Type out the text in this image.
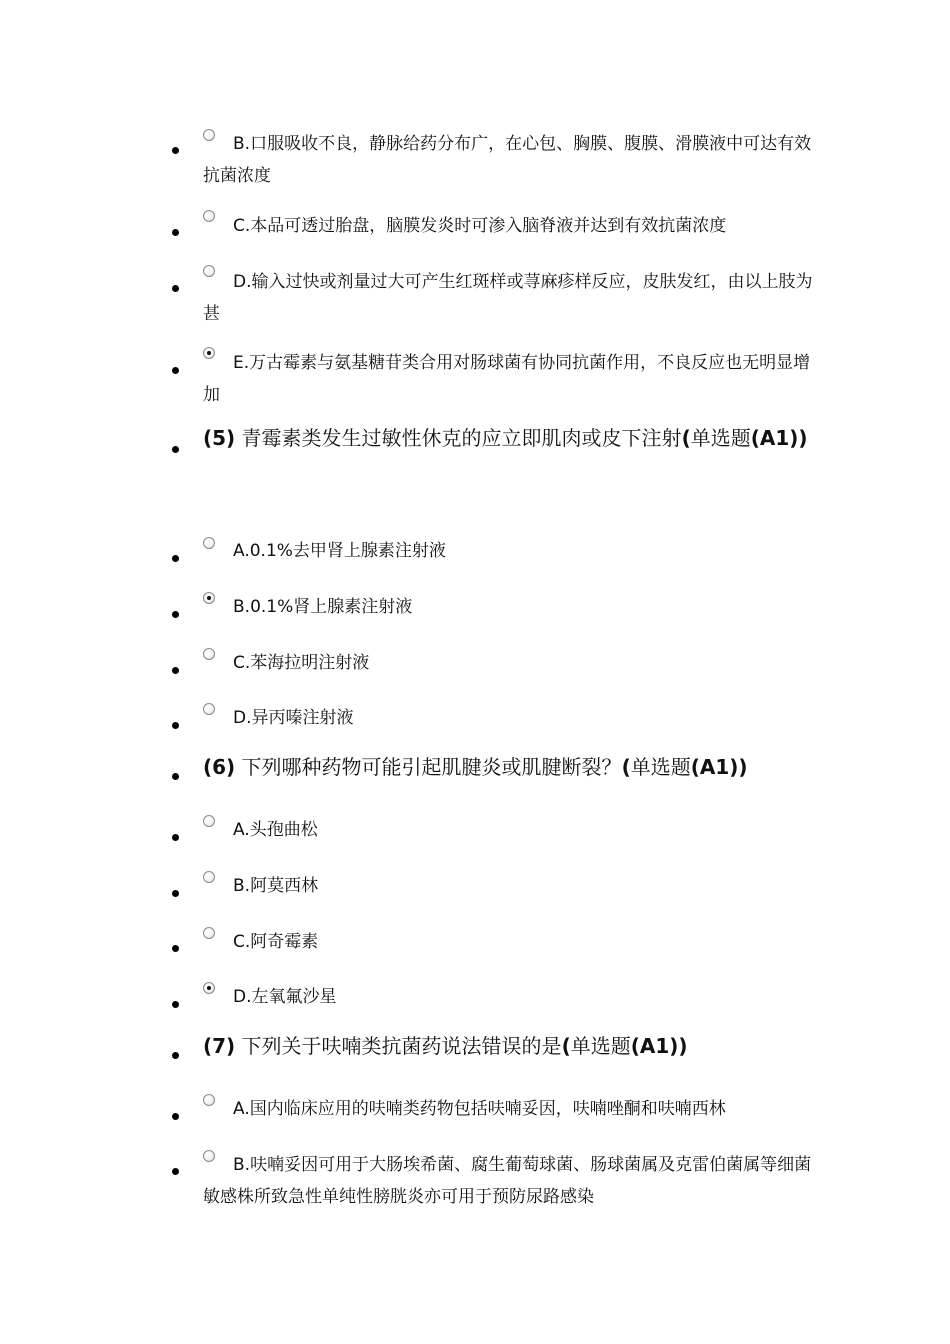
B.口服吸收不良，静脉给药分布广，在心包、胸膜、腹膜、滑膜液中可达有效抗菌浓度
C.本品可透过胎盘，脑膜发炎时可渗入脑脊液并达到有效抗菌浓度
D.输入过快或剂量过大可产生红斑样或荨麻疹样反应，皮肤发红，由以上肢为甚
E.万古霉素与氨基糖苷类合用对肠球菌有协同抗菌作用，不良反应也无明显增加
(5) 青霉素类发生过敏性休克的应立即肌肉或皮下注射(单选题(A1))
A.0.1%去甲肾上腺素注射液
B.0.1%肾上腺素注射液
C.苯海拉明注射液
D.异丙嗪注射液
(6) 下列哪种药物可能引起肌腱炎或肌腱断裂？(单选题(A1))
A.头孢曲松
B.阿莫西林
C.阿奇霉素
D.左氧氟沙星
(7) 下列关于呋喃类抗菌药说法错误的是(单选题(A1))
A.国内临床应用的呋喃类药物包括呋喃妥因，呋喃唑酮和呋喃西林
B.呋喃妥因可用于大肠埃希菌、腐生葡萄球菌、肠球菌属及克雷伯菌属等细菌敏感株所致急性单纯性膀胱炎亦可用于预防尿路感染
